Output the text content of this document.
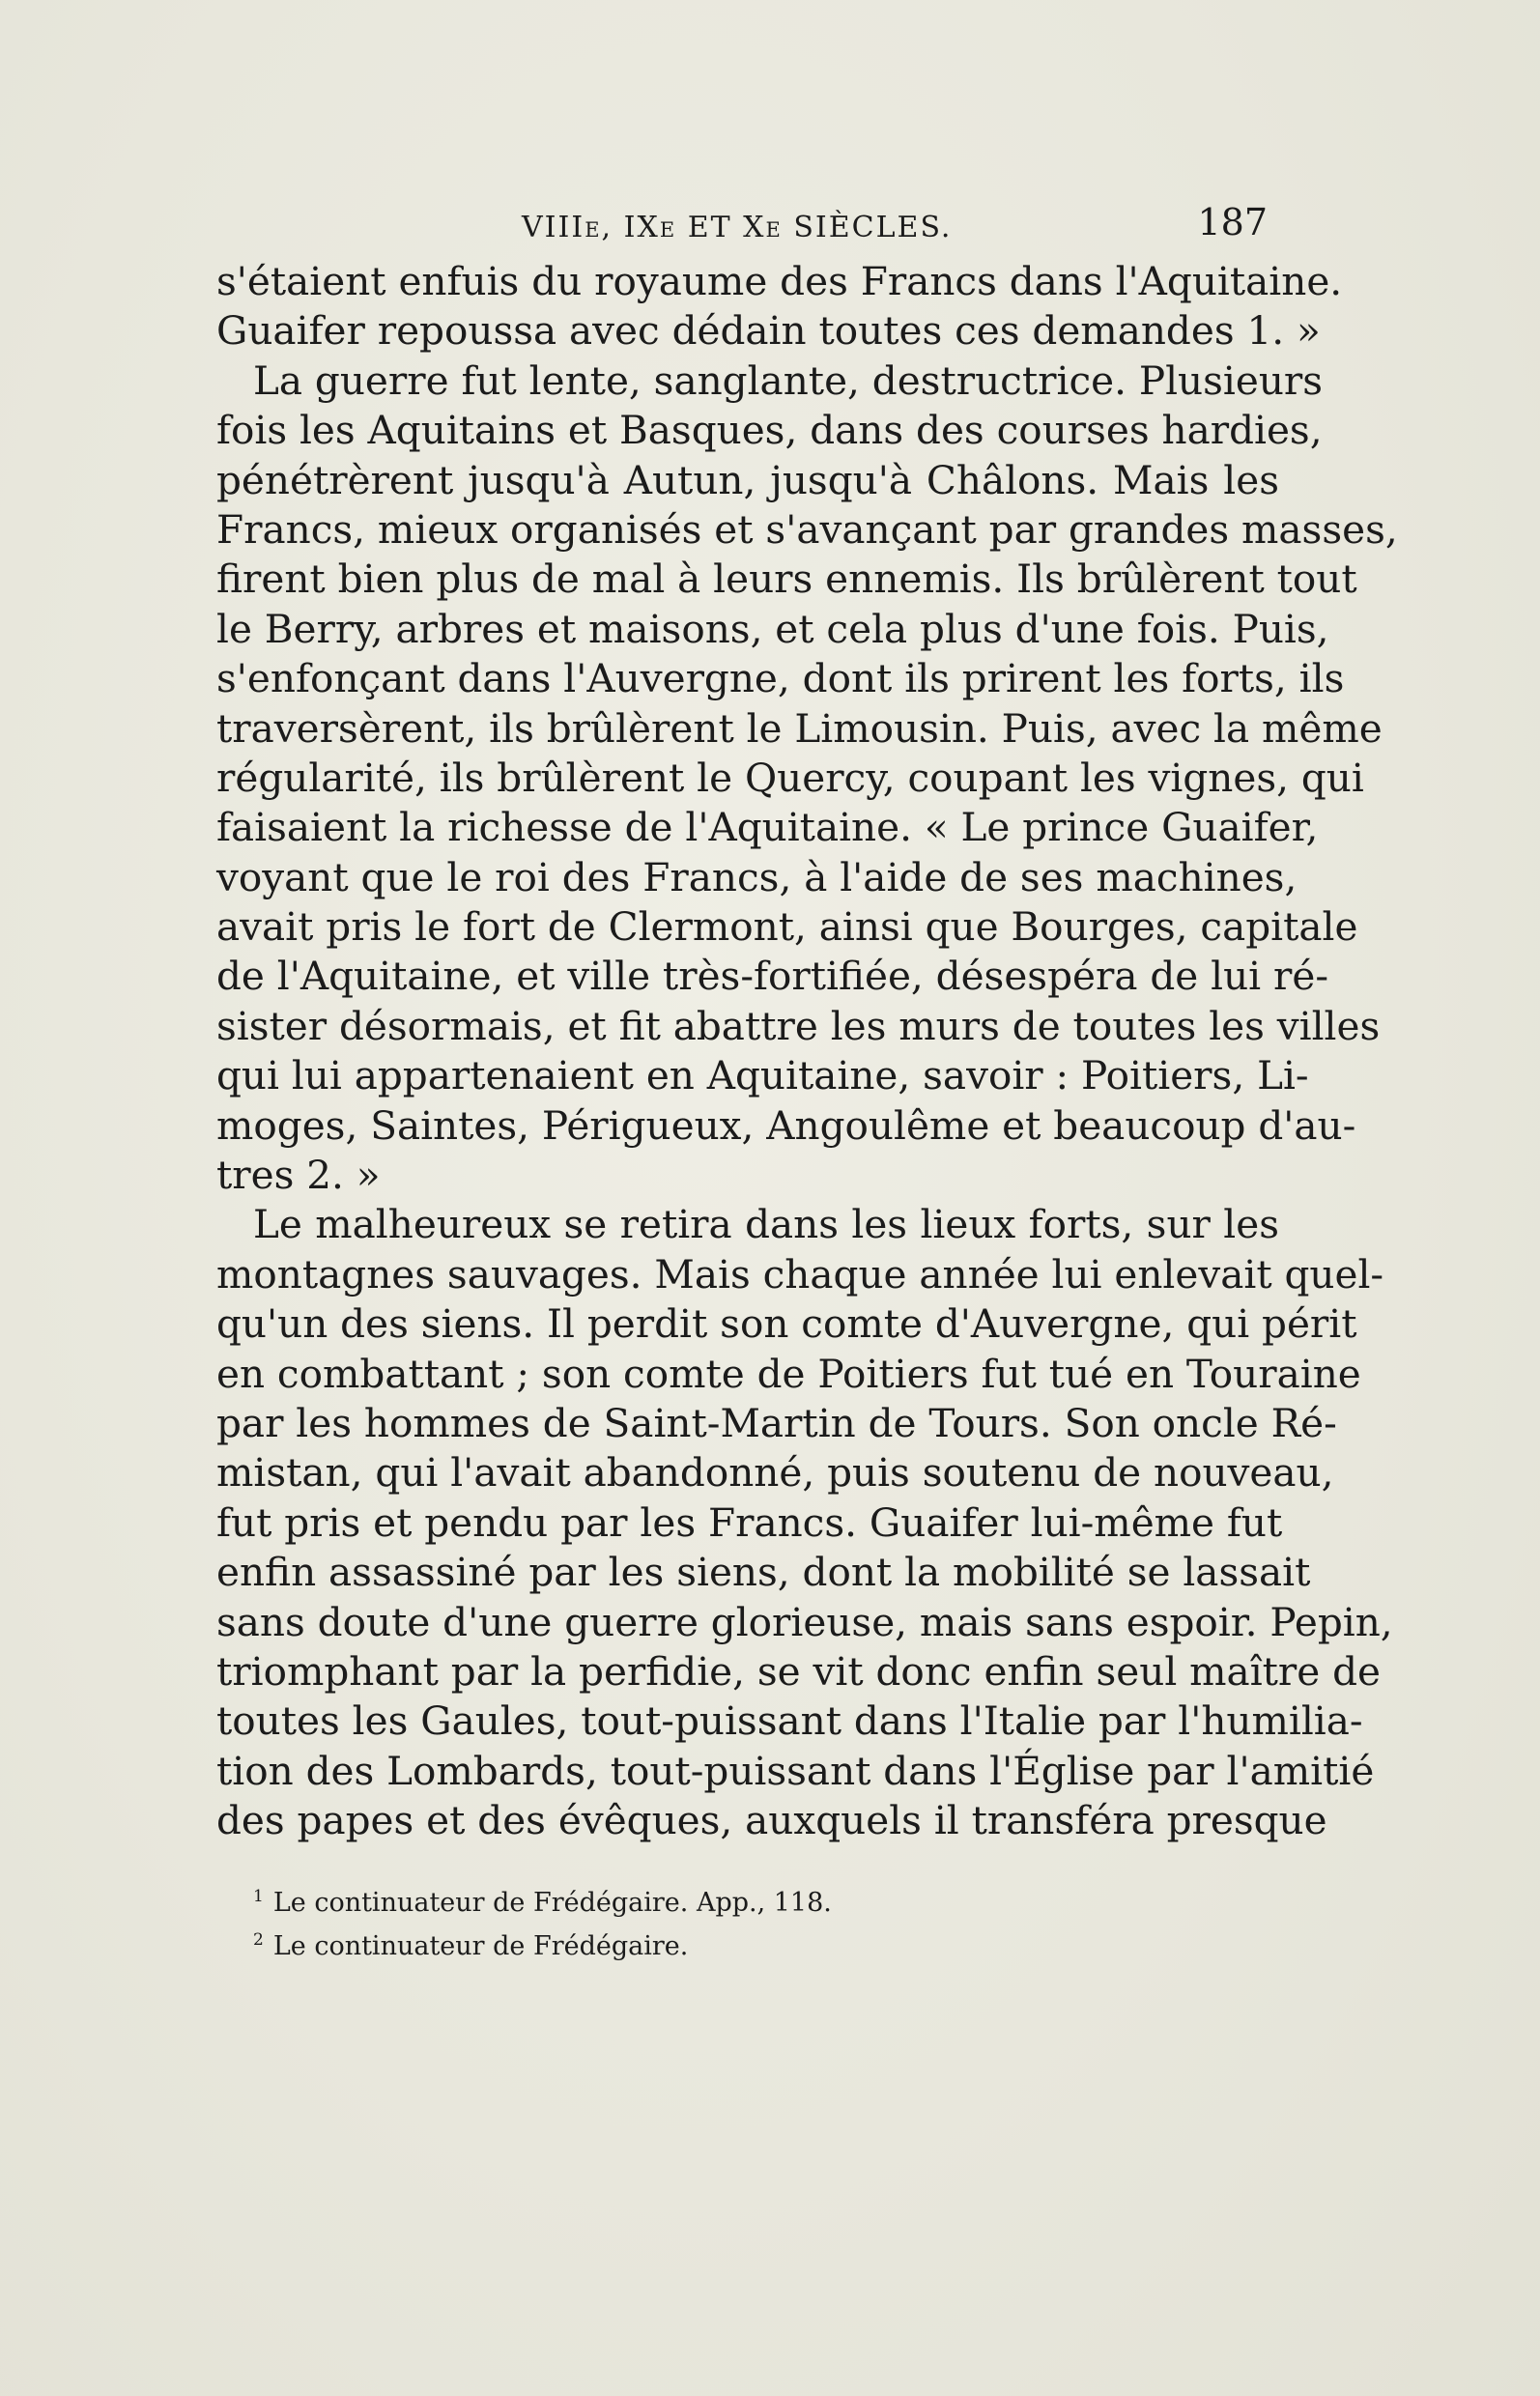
VIIIe, IXe ET Xe SIÈCLES.	187
s'étaient enfuis du royaume des Francs dans l'Aquitaine.
Guaifer repoussa avec dédain toutes ces demandes 1. »
La guerre fut lente, sanglante, destructrice. Plusieurs
fois les Aquitains et Basques, dans des courses hardies,
pénétrèrent jusqu'à Autun, jusqu'à Châlons. Mais les
Francs, mieux organisés et s'avançant par grandes masses,
firent bien plus de mal à leurs ennemis. Ils brûlèrent tout
le Berry, arbres et maisons, et cela plus d'une fois. Puis,
s'enfonçant dans l'Auvergne, dont ils prirent les forts, ils
traversèrent, ils brûlèrent le Limousin. Puis, avec la même
régularité, ils brûlèrent le Quercy, coupant les vignes, qui
faisaient la richesse de l'Aquitaine. « Le prince Guaifer,
voyant que le roi des Francs, à l'aide de ses machines,
avait pris le fort de Clermont, ainsi que Bourges, capitale
de l'Aquitaine, et ville très-fortifiée, désespéra de lui ré-
sister désormais, et fit abattre les murs de toutes les villes
qui lui appartenaient en Aquitaine, savoir : Poitiers, Li-
moges, Saintes, Périgueux, Angoulême et beaucoup d'au-
tres 2. »
Le malheureux se retira dans les lieux forts, sur les
montagnes sauvages. Mais chaque année lui enlevait quel-
qu'un des siens. Il perdit son comte d'Auvergne, qui périt
en combattant ; son comte de Poitiers fut tué en Touraine
par les hommes de Saint-Martin de Tours. Son oncle Ré-
mistan, qui l'avait abandonné, puis soutenu de nouveau,
fut pris et pendu par les Francs. Guaifer lui-même fut
enfin assassiné par les siens, dont la mobilité se lassait
sans doute d'une guerre glorieuse, mais sans espoir. Pepin,
triomphant par la perfidie, se vit donc enfin seul maître de
toutes les Gaules, tout-puissant dans l'Italie par l'humilia-
tion des Lombards, tout-puissant dans l'Église par l'amitié
des papes et des évêques, auxquels il transféra presque
$^1$ Le continuateur de Frédégaire. App., 118.
$^2$ Le continuateur de Frédégaire.
